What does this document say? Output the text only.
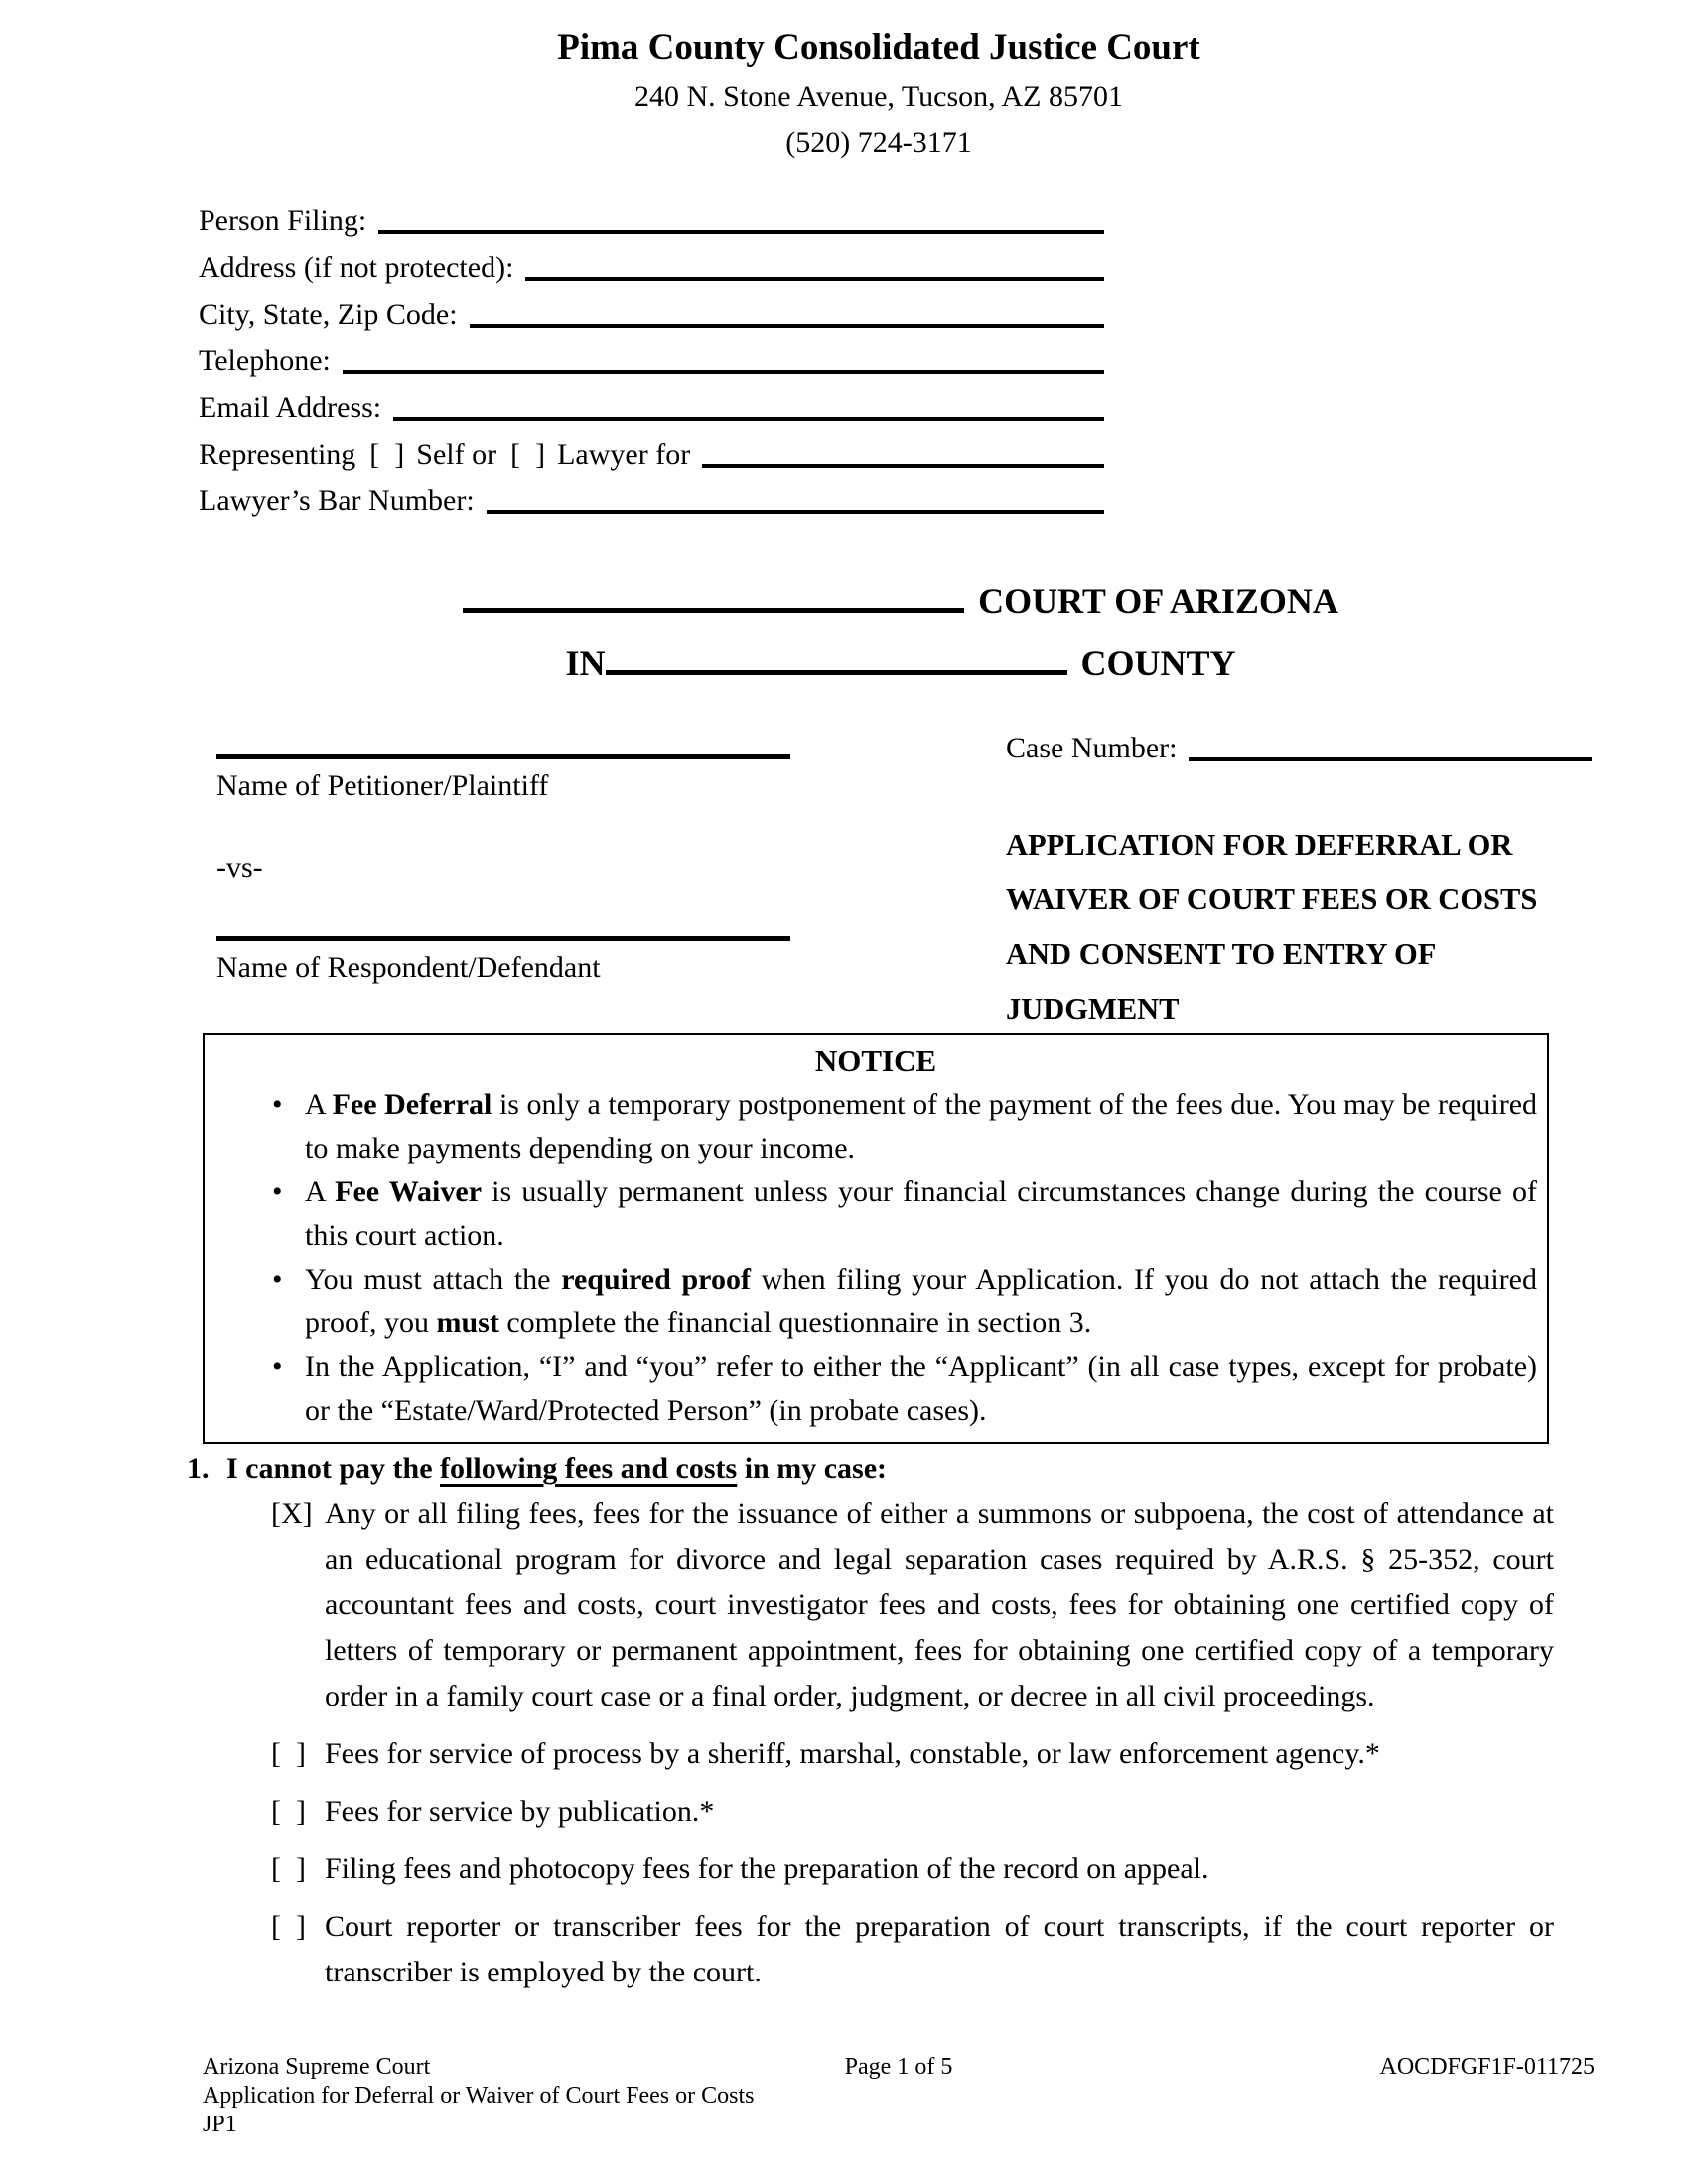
Pima County Consolidated Justice Court
240 N. Stone Avenue, Tucson, AZ 85701
(520) 724-3171
Person Filing:
Address (if not protected):
City, State, Zip Code:
Telephone:
Email Address:
Representing [  ] Self or [  ] Lawyer for
Lawyer’s Bar Number:
COURT OF ARIZONA
IN	COUNTY
Name of Petitioner/Plaintiff
-vs-
Name of Respondent/Defendant
Case Number:
APPLICATION FOR DEFERRAL OR WAIVER OF COURT FEES OR COSTS AND CONSENT TO ENTRY OF JUDGMENT
NOTICE
• A Fee Deferral is only a temporary postponement of the payment of the fees due. You may be required to make payments depending on your income.
• A Fee Waiver is usually permanent unless your financial circumstances change during the course of this court action.
• You must attach the required proof when filing your Application. If you do not attach the required proof, you must complete the financial questionnaire in section 3.
• In the Application, “I” and “you” refer to either the “Applicant” (in all case types, except for probate) or the “Estate/Ward/Protected Person” (in probate cases).
1. I cannot pay the following fees and costs in my case:
[X] Any or all filing fees, fees for the issuance of either a summons or subpoena, the cost of attendance at an educational program for divorce and legal separation cases required by A.R.S. § 25-352, court accountant fees and costs, court investigator fees and costs, fees for obtaining one certified copy of letters of temporary or permanent appointment, fees for obtaining one certified copy of a temporary order in a family court case or a final order, judgment, or decree in all civil proceedings.
[  ] Fees for service of process by a sheriff, marshal, constable, or law enforcement agency.*
[  ] Fees for service by publication.*
[  ] Filing fees and photocopy fees for the preparation of the record on appeal.
[  ] Court reporter or transcriber fees for the preparation of court transcripts, if the court reporter or transcriber is employed by the court.
Arizona Supreme Court
Application for Deferral or Waiver of Court Fees or Costs
JP1
Page 1 of 5	AOCDFGF1F-011725
